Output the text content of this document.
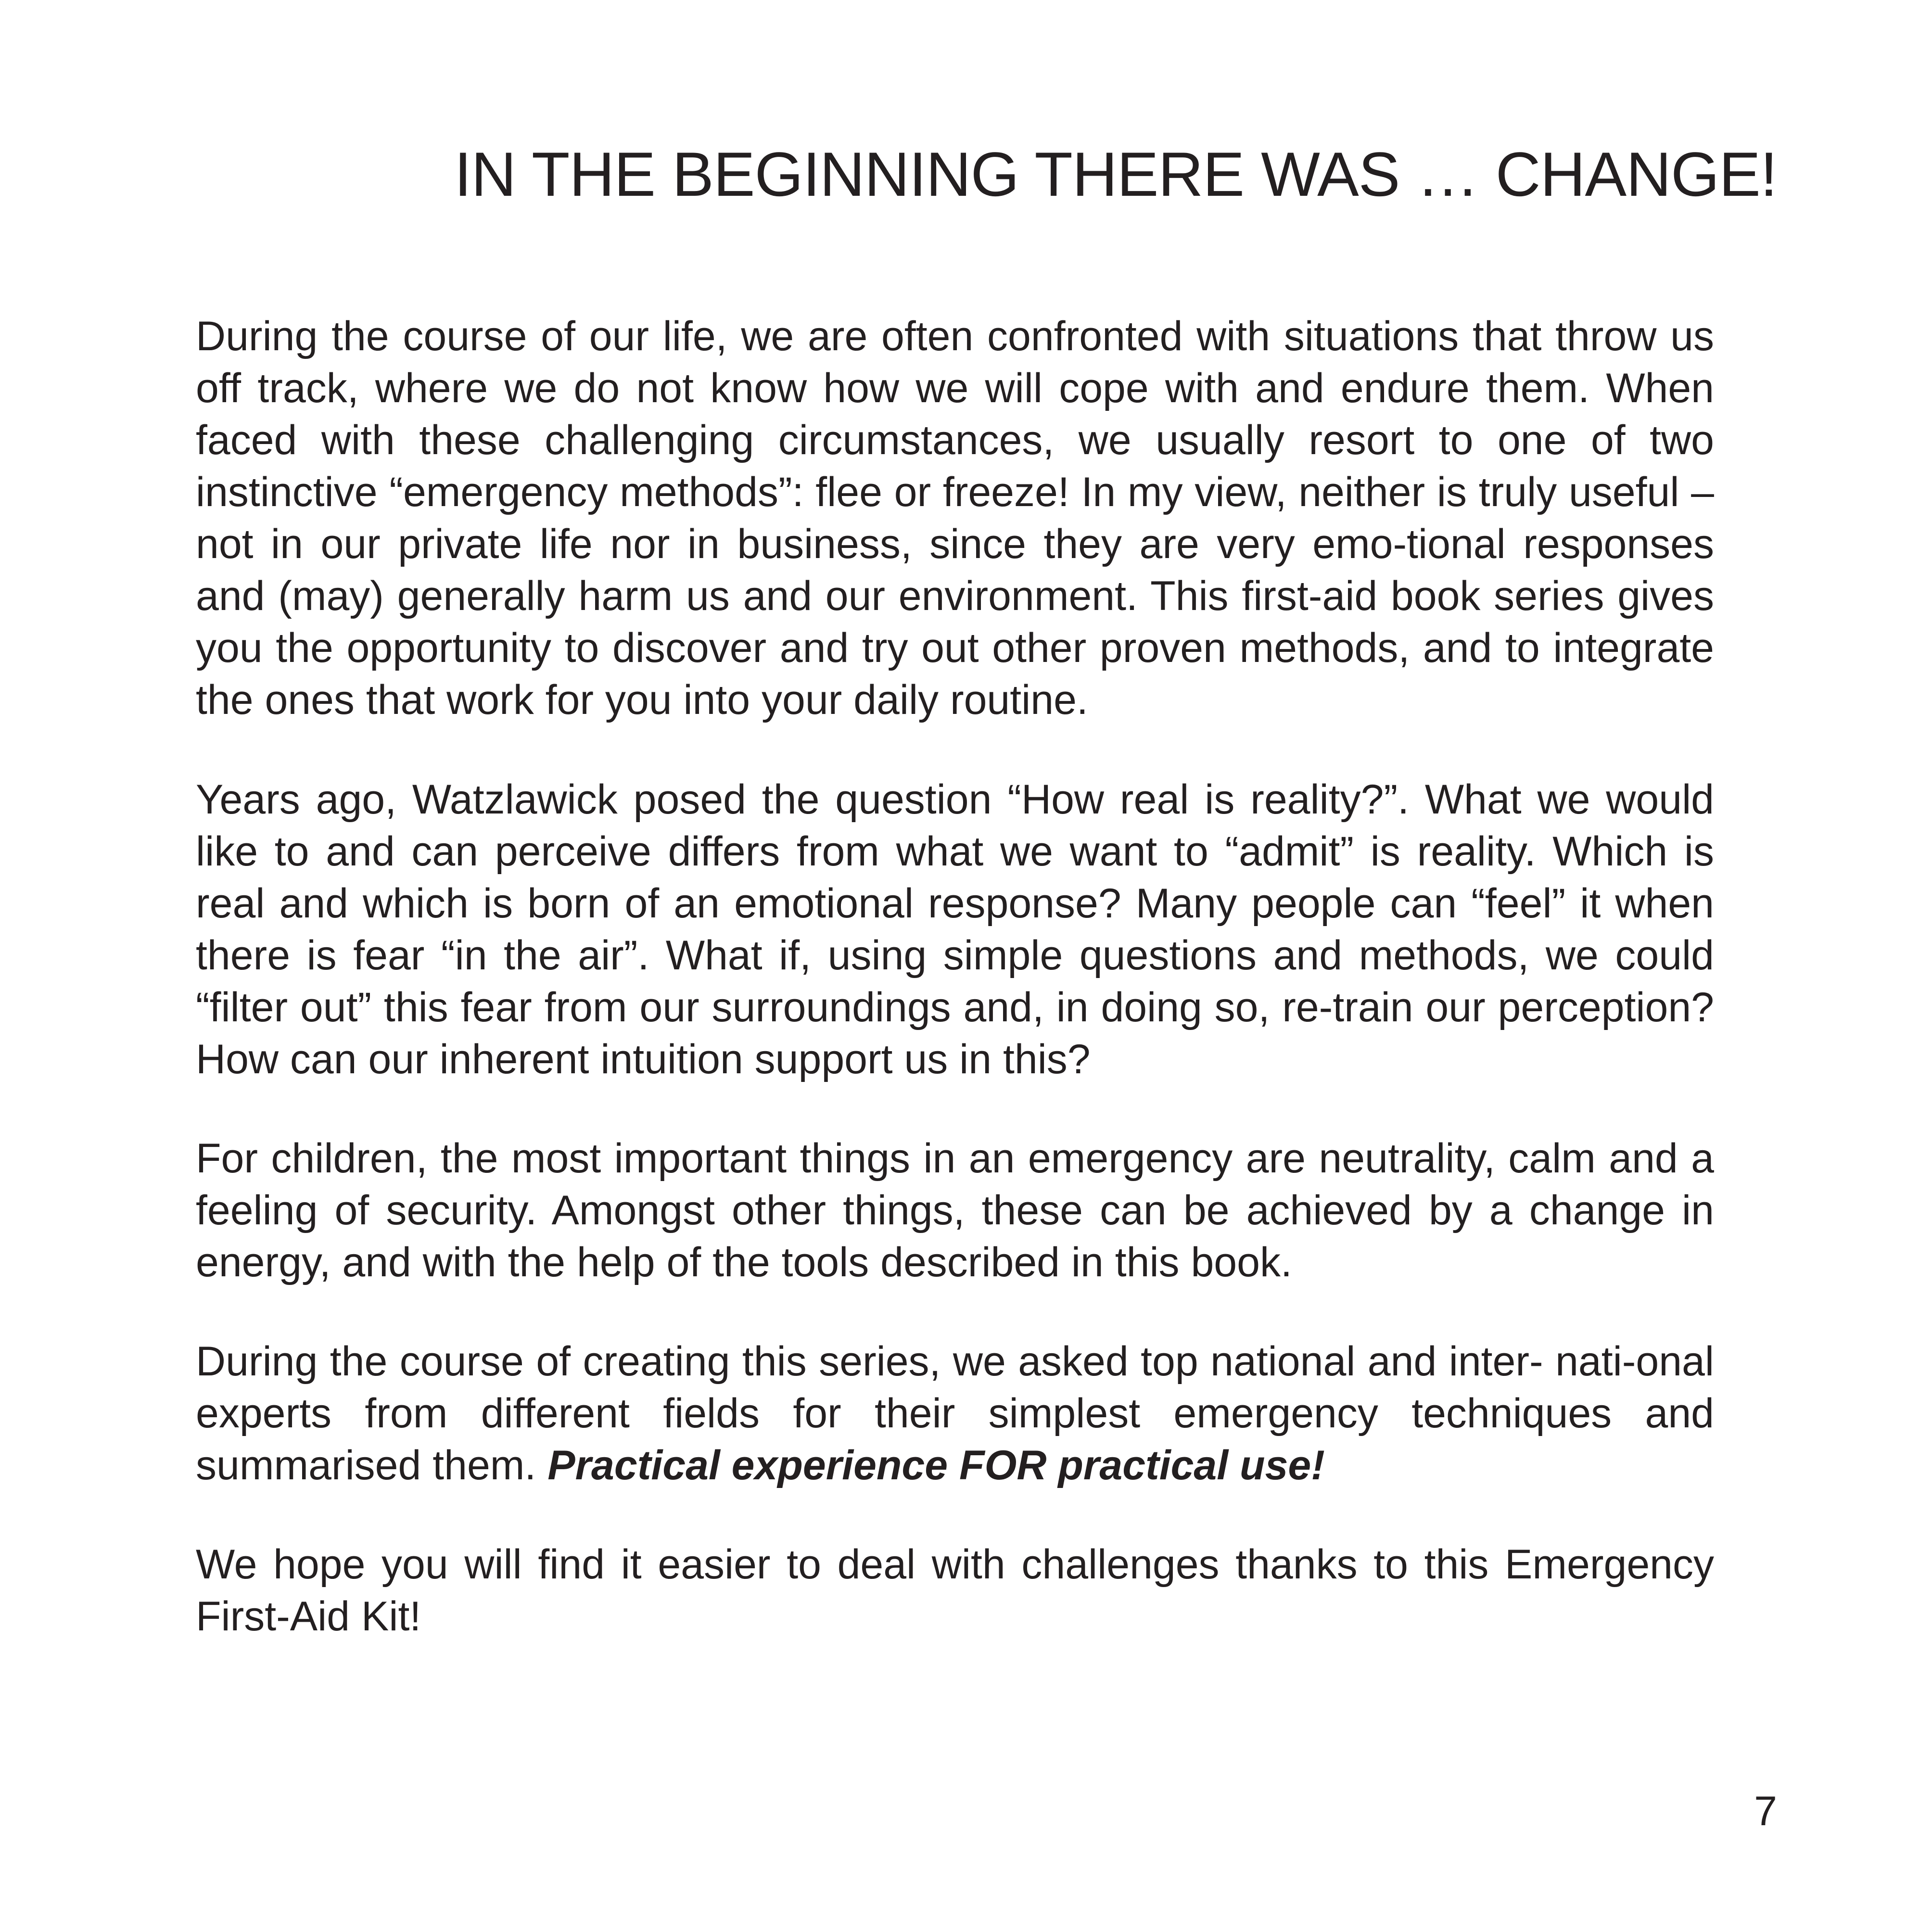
IN THE BEGINNING THERE WAS … CHANGE!

During the course of our life, we are often confronted with situations that throw us off track, where we do not know how we will cope with and endure them. When faced with these challenging circumstances, we usually resort to one of two instinctive “emergency methods”: flee or freeze! In my view, neither is truly useful – not in our private life nor in business, since they are very emo-tional responses and (may) generally harm us and our environment. This first-aid book series gives you the opportunity to discover and try out other proven methods, and to integrate the ones that work for you into your daily routine.

Years ago, Watzlawick posed the question “How real is reality?”. What we would like to and can perceive differs from what we want to “admit” is reality. Which is real and which is born of an emotional response? Many people can “feel” it when there is fear “in the air”. What if, using simple questions and methods, we could “filter out” this fear from our surroundings and, in doing so, re-train our perception? How can our inherent intuition support us in this?

For children, the most important things in an emergency are neutrality, calm and a feeling of security. Amongst other things, these can be achieved by a change in energy, and with the help of the tools described in this book.

During the course of creating this series, we asked top national and inter- nati-onal experts from different fields for their simplest emergency techniques and summarised them. Practical experience FOR practical use!

We hope you will find it easier to deal with challenges thanks to this Emergency First-Aid Kit!

7
